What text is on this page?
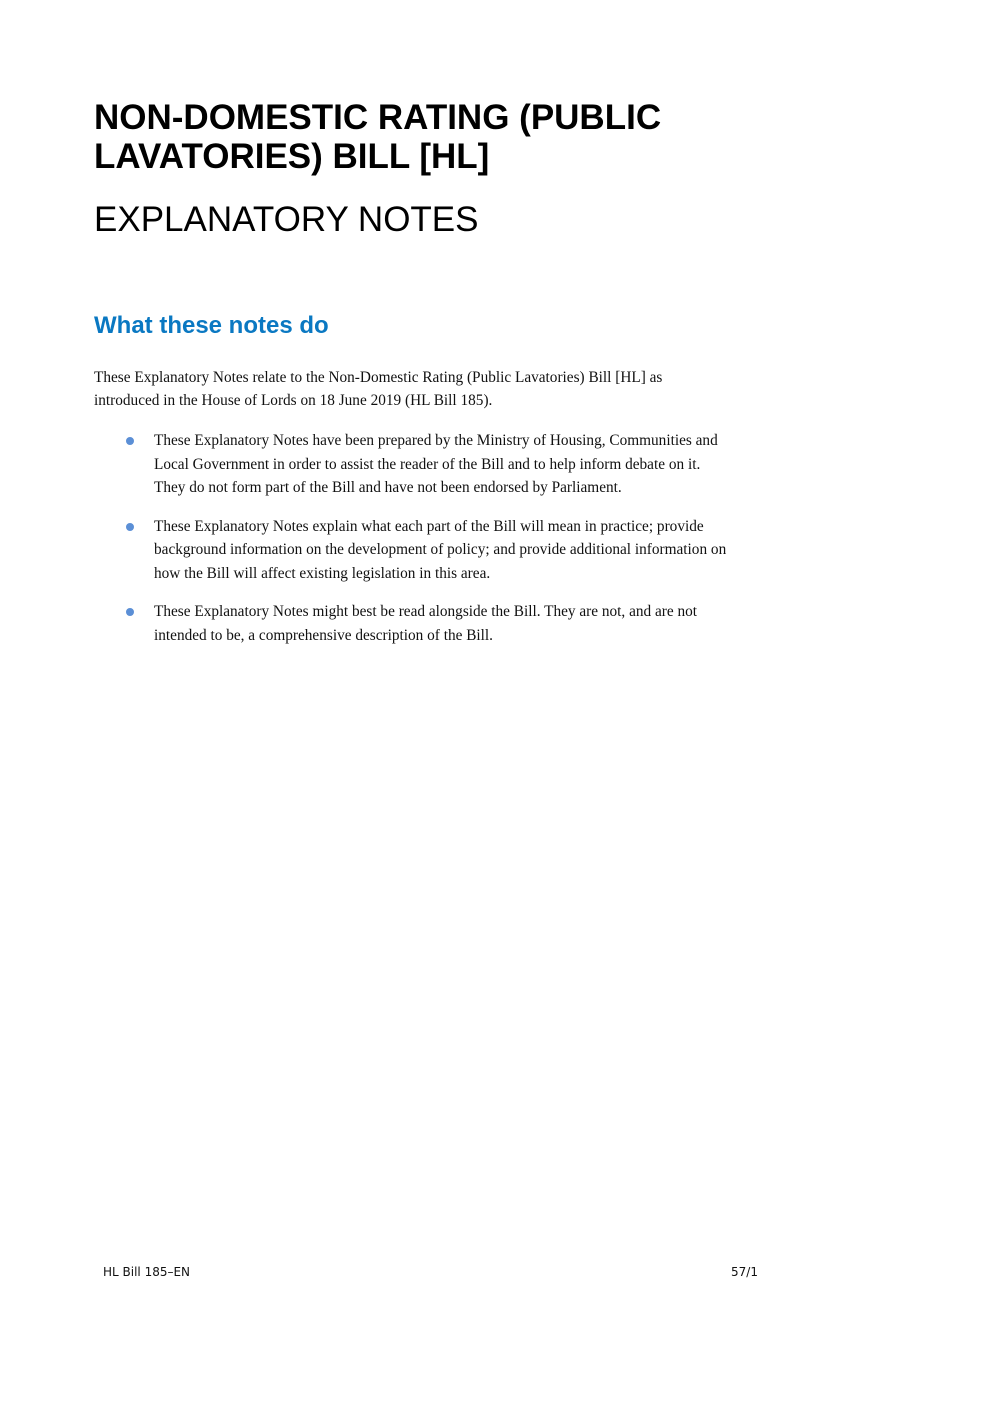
NON-DOMESTIC RATING (PUBLIC
LAVATORIES) BILL [HL]
EXPLANATORY NOTES
What these notes do

These Explanatory Notes relate to the Non-Domestic Rating (Public Lavatories) Bill [HL] as
introduced in the House of Lords on 18 June 2019 (HL Bill 185).

These Explanatory Notes have been prepared by the Ministry of Housing, Communities and
Local Government in order to assist the reader of the Bill and to help inform debate on it.
They do not form part of the Bill and have not been endorsed by Parliament.
These Explanatory Notes explain what each part of the Bill will mean in practice; provide
background information on the development of policy; and provide additional information on
how the Bill will affect existing legislation in this area.
These Explanatory Notes might best be read alongside the Bill. They are not, and are not
intended to be, a comprehensive description of the Bill.
HL Bill 185–EN	57/1
